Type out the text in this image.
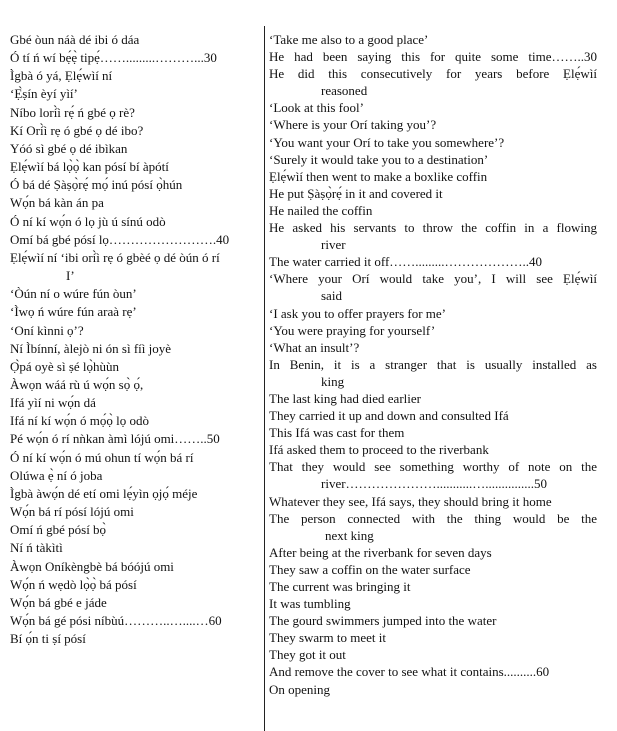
Gbé òun náà dé ibi ó dáa
Ó tí ń wí bẹ́ẹ̀ tipẹ́…….........………...30
Ìgbà ó yá, Ẹlẹ́wìí ní
‘Ẹ̀ṣín èyí yìí’
Níbo lorí̀ì rẹ́ ń gbé ọ rè?
Kí Orí̀ì rẹ ó gbé ọ dé ibo?
Yóó sì gbé ọ dé ibìkan
Ẹlẹ́wìí bá lọ̀ọ̀ kan pósí bí àpótí
Ó bá dé Ṣàṣọ̀rẹ́ mọ́ inú pósí ọ̀hún
Wọ́n bá kàn án pa
Ó ní kí wọ́n ó lọ jù ú sínú odò
Omí bá gbé pósí lọ…………………….40
Ẹlẹ́wìí ní ‘ibi orí̀ì rẹ ó gbèé ọ dé òún ó rí
I’
‘Òún ní o wúre fún òun’
‘Ìwọ ń wúre fún araà rẹ’
‘Oní kìnni ọ’?
Ní Ìbínní, àlejò ni ón sì fíì joyè
Ọ̀pá oyè sì ṣé lọ̀hùùn
Àwọn wáá rù ú wọ́n sọ̀ ọ́,
Ifá yìí ni wọ́n dá
Ifá ní kí wọ́n ó mọ́ọ̀ lọ odò
Pé wọ́n ó rí nǹkan àmì lójú omi……..50
Ó ní kí wọ́n ó mú ohun tí wọ́n bá rí
Olúwa ẹ̀ ní ó joba
Ìgbà àwọ́n dé etí omi lẹ́yìn ọjọ́ méje
Wọ́n bá rí pósí lójú omi
Omí ń gbé pósí bọ̀
Ní ń tàkìtì
Àwọn Oníkèngbè bá bóójú omi
Wọ́n ń wẹdò lọ̀ọ̀ bá pósí
Wọ́n bá gbé e jáde
Wọ́n bá gé pósi níbùú………..…....…60
Bí ọ́n ti ṣí pósí
‘Take me also to a good place’
He had been saying this for quite some time……..30
He did this consecutively for years before Ẹlẹ́wìí
reasoned
‘Look at this fool’
‘Where is your Orí taking you’?
‘You want your Orí to take you somewhere’?
‘Surely it would take you to a destination’
Ẹlẹ́wìí then went to make a boxlike coffin
He put Ṣàṣọ̀rẹ́ in it and covered it
He nailed the coffin
He asked his servants to throw the coffin in a flowing
river
The water carried it off…….........………………..40
‘Where your Orí would take you’, I will see Ẹlẹ́wìí
said
‘I ask you to offer prayers for me’
‘You were praying for yourself’
‘What an insult’?
In Benin, it is a stranger that is usually installed as
king
The last king had died earlier
They carried it up and down and consulted Ifá
This Ifá was cast for them
Ifá asked them to proceed to the riverbank
That they would see something worthy of note on the
river…………………...........…...............50
Whatever they see, Ifá says, they should bring it home
The person connected with the thing would be the
next king
After being at the riverbank for seven days
They saw a coffin on the water surface
The current was bringing it
It was tumbling
The gourd swimmers jumped into the water
They swarm to meet it
They got it out
And remove the cover to see what it contains..........60
On opening
